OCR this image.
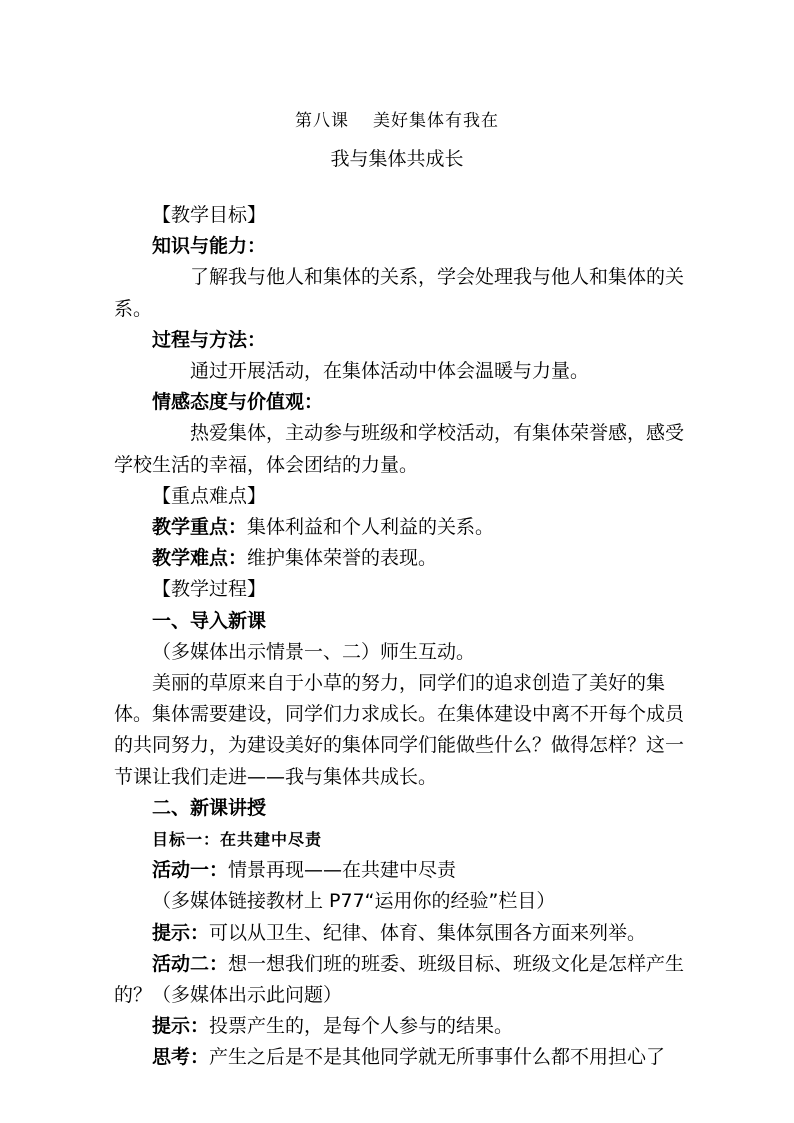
第八课 美好集体有我在
我与集体共成长

【教学目标】

知识与能力：

了解我与他人和集体的关系，学会处理我与他人和集体的关系。

过程与方法：

通过开展活动，在集体活动中体会温暖与力量。

情感态度与价值观：

热爱集体，主动参与班级和学校活动，有集体荣誉感，感受学校生活的幸福，体会团结的力量。

【重点难点】

教学重点：集体利益和个人利益的关系。

教学难点：维护集体荣誉的表现。

【教学过程】

一、导入新课

（多媒体出示情景一、二）师生互动。

美丽的草原来自于小草的努力，同学们的追求创造了美好的集体。集体需要建设，同学们力求成长。在集体建设中离不开每个成员的共同努力，为建设美好的集体同学们能做些什么？做得怎样？这一节课让我们走进——我与集体共成长。

二、新课讲授

目标一：在共建中尽责

活动一：情景再现——在共建中尽责

（多媒体链接教材上 P77“运用你的经验”栏目）

提示：可以从卫生、纪律、体育、集体氛围各方面来列举。

活动二：想一想我们班的班委、班级目标、班级文化是怎样产生的？（多媒体出示此问题）

提示：投票产生的，是每个人参与的结果。

思考：产生之后是不是其他同学就无所事事什么都不用担心了
